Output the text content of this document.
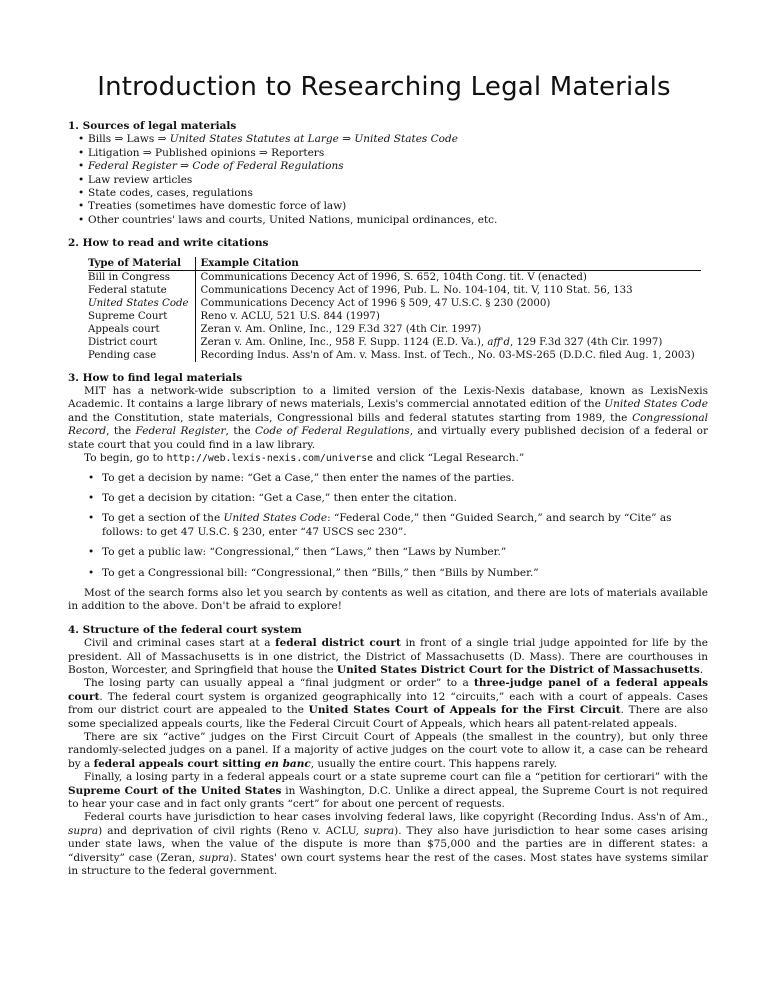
Introduction to Researching Legal Materials
1. Sources of legal materials
• Bills ⇒ Laws ⇒ United States Statutes at Large ⇒ United States Code
• Litigation ⇒ Published opinions ⇒ Reporters
• Federal Register ⇒ Code of Federal Regulations
• Law review articles
• State codes, cases, regulations
• Treaties (sometimes have domestic force of law)
• Other countries' laws and courts, United Nations, municipal ordinances, etc.
2. How to read and write citations
Type of Material	Example Citation
Bill in Congress	Communications Decency Act of 1996, S. 652, 104th Cong. tit. V (enacted)
Federal statute	Communications Decency Act of 1996, Pub. L. No. 104-104, tit. V, 110 Stat. 56, 133
United States Code	Communications Decency Act of 1996 § 509, 47 U.S.C. § 230 (2000)
Supreme Court	Reno v. ACLU, 521 U.S. 844 (1997)
Appeals court	Zeran v. Am. Online, Inc., 129 F.3d 327 (4th Cir. 1997)
District court	Zeran v. Am. Online, Inc., 958 F. Supp. 1124 (E.D. Va.), aff'd, 129 F.3d 327 (4th Cir. 1997)
Pending case	Recording Indus. Ass'n of Am. v. Mass. Inst. of Tech., No. 03-MS-265 (D.D.C. filed Aug. 1, 2003)
3. How to find legal materials

MIT has a network-wide subscription to a limited version of the Lexis-Nexis database, known as LexisNexis Academic. It contains a large library of news materials, Lexis's commercial annotated edition of the United States Code and the Constitution, state materials, Congressional bills and federal statutes starting from 1989, the Congressional Record, the Federal Register, the Code of Federal Regulations, and virtually every published decision of a federal or state court that you could find in a law library.

To begin, go to http://web.lexis-nexis.com/universe and click “Legal Research.”

• To get a decision by name: “Get a Case,” then enter the names of the parties.
• To get a decision by citation: “Get a Case,” then enter the citation.
• To get a section of the United States Code: “Federal Code,” then “Guided Search,” and search by “Cite” as follows: to get 47 U.S.C. § 230, enter “47 USCS sec 230”.
• To get a public law: “Congressional,” then “Laws,” then “Laws by Number.”
• To get a Congressional bill: “Congressional,” then “Bills,” then “Bills by Number.”

Most of the search forms also let you search by contents as well as citation, and there are lots of materials available in addition to the above. Don't be afraid to explore!

4. Structure of the federal court system

Civil and criminal cases start at a federal district court in front of a single trial judge appointed for life by the president. All of Massachusetts is in one district, the District of Massachusetts (D. Mass). There are courthouses in Boston, Worcester, and Springfield that house the United States District Court for the District of Massachusetts.

The losing party can usually appeal a “final judgment or order” to a three-judge panel of a federal appeals court. The federal court system is organized geographically into 12 “circuits,” each with a court of appeals. Cases from our district court are appealed to the United States Court of Appeals for the First Circuit. There are also some specialized appeals courts, like the Federal Circuit Court of Appeals, which hears all patent-related appeals.

There are six “active” judges on the First Circuit Court of Appeals (the smallest in the country), but only three randomly-selected judges on a panel. If a majority of active judges on the court vote to allow it, a case can be reheard by a federal appeals court sitting en banc, usually the entire court. This happens rarely.

Finally, a losing party in a federal appeals court or a state supreme court can file a “petition for certiorari” with the Supreme Court of the United States in Washington, D.C. Unlike a direct appeal, the Supreme Court is not required to hear your case and in fact only grants “cert” for about one percent of requests.

Federal courts have jurisdiction to hear cases involving federal laws, like copyright (Recording Indus. Ass'n of Am., supra) and deprivation of civil rights (Reno v. ACLU, supra). They also have jurisdiction to hear some cases arising under state laws, when the value of the dispute is more than $75,000 and the parties are in different states: a “diversity” case (Zeran, supra). States' own court systems hear the rest of the cases. Most states have systems similar in structure to the federal government.
